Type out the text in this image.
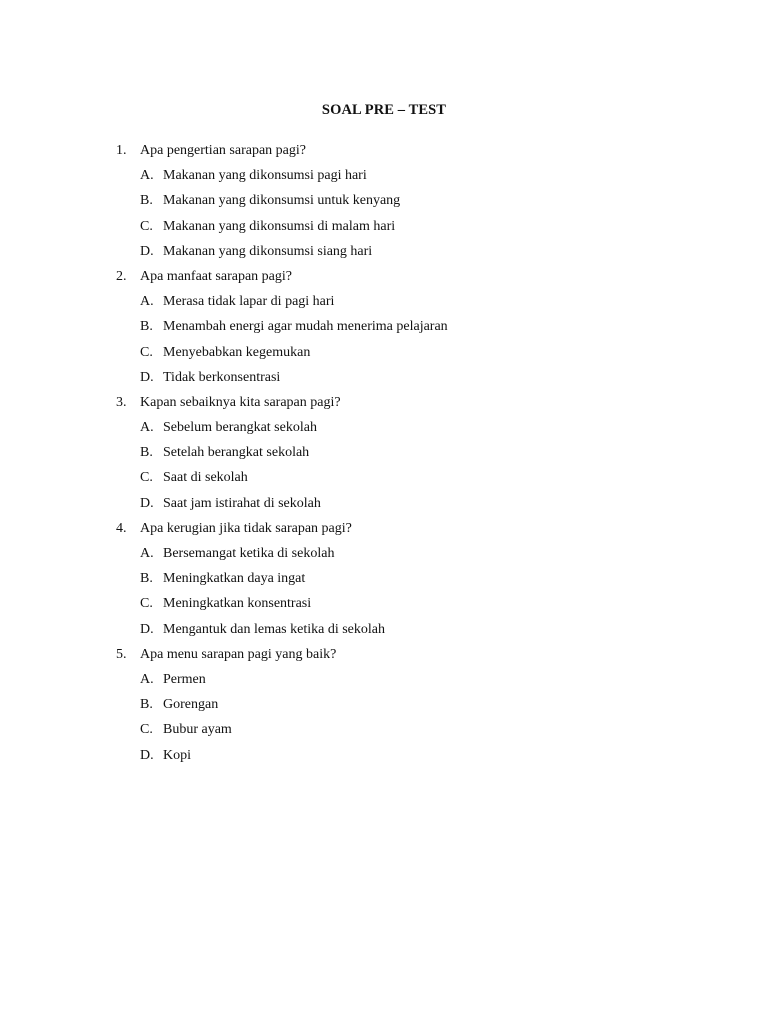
SOAL PRE – TEST
1. Apa pengertian sarapan pagi?
A. Makanan yang dikonsumsi pagi hari
B. Makanan yang dikonsumsi untuk kenyang
C. Makanan yang dikonsumsi di malam hari
D. Makanan yang dikonsumsi siang hari
2. Apa manfaat sarapan pagi?
A. Merasa tidak lapar di pagi hari
B. Menambah energi agar mudah menerima pelajaran
C. Menyebabkan kegemukan
D. Tidak berkonsentrasi
3. Kapan sebaiknya kita sarapan pagi?
A. Sebelum berangkat sekolah
B. Setelah berangkat sekolah
C. Saat di sekolah
D. Saat jam istirahat di sekolah
4. Apa kerugian jika tidak sarapan pagi?
A. Bersemangat ketika di sekolah
B. Meningkatkan daya ingat
C. Meningkatkan konsentrasi
D. Mengantuk dan lemas ketika di sekolah
5. Apa menu sarapan pagi yang baik?
A. Permen
B. Gorengan
C. Bubur ayam
D. Kopi
